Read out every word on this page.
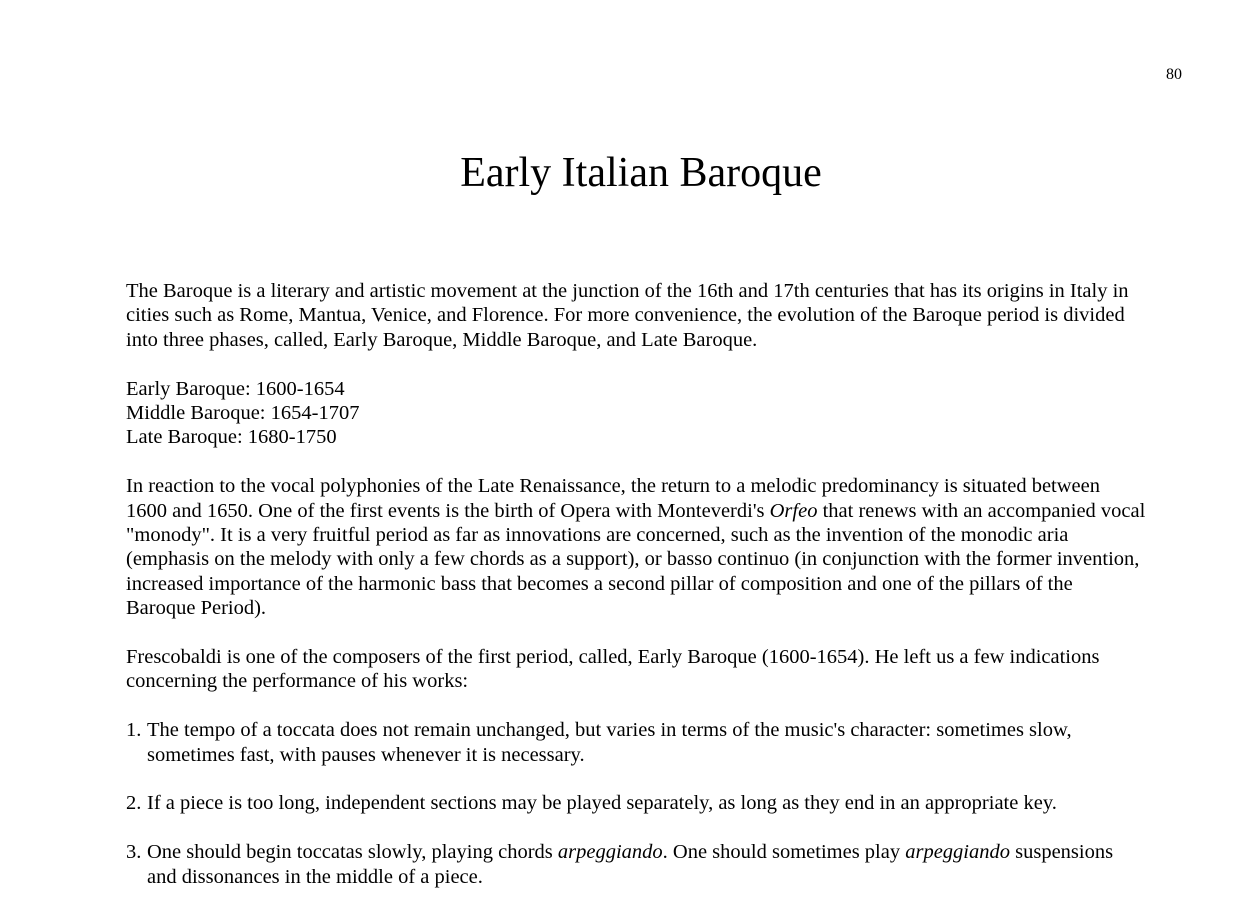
80
Early Italian Baroque

The Baroque is a literary and artistic movement at the junction of the 16th and 17th centuries that has its origins in Italy in cities such as Rome, Mantua, Venice, and Florence. For more convenience, the evolution of the Baroque period is divided into three phases, called, Early Baroque, Middle Baroque, and Late Baroque.

Early Baroque: 1600-1654
Middle Baroque: 1654-1707
Late Baroque: 1680-1750

In reaction to the vocal polyphonies of the Late Renaissance, the return to a melodic predominancy is situated between 1600 and 1650. One of the first events is the birth of Opera with Monteverdi's Orfeo that renews with an accompanied vocal "monody". It is a very fruitful period as far as innovations are concerned, such as the invention of the monodic aria (emphasis on the melody with only a few chords as a support), or basso continuo (in conjunction with the former invention, increased importance of the harmonic bass that becomes a second pillar of composition and one of the pillars of the Baroque Period).

Frescobaldi is one of the composers of the first period, called, Early Baroque (1600-1654). He left us a few indications concerning the performance of his works:

1. The tempo of a toccata does not remain unchanged, but varies in terms of the music's character: sometimes slow, sometimes fast, with pauses whenever it is necessary.
2. If a piece is too long, independent sections may be played separately, as long as they end in an appropriate key.
3. One should begin toccatas slowly, playing chords arpeggiando. One should sometimes play arpeggiando suspensions and dissonances in the middle of a piece.
